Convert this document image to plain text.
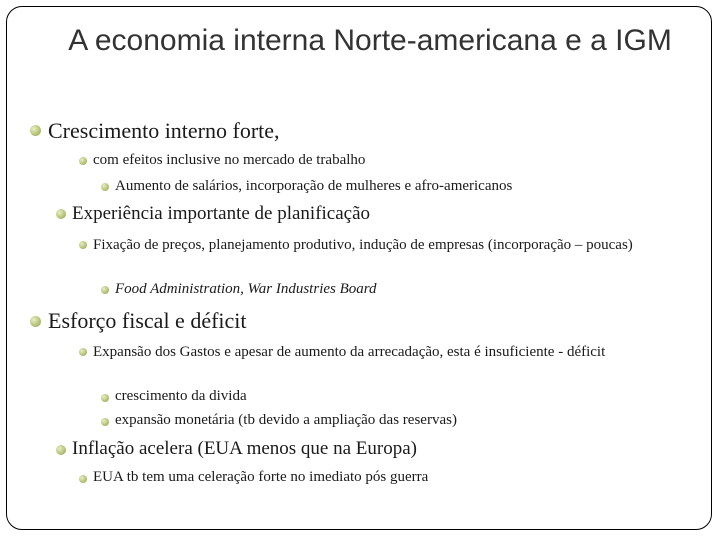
A economia interna Norte-americana e a IGM
Crescimento interno forte,
com efeitos inclusive no mercado de trabalho
Aumento de salários, incorporação de mulheres e afro-americanos
Experiência importante de planificação
Fixação de preços, planejamento produtivo, indução de empresas (incorporação – poucas)
Food Administration, War Industries Board
Esforço fiscal e déficit
Expansão dos Gastos e apesar de aumento da arrecadação, esta é insuficiente - déficit
crescimento da divida
expansão monetária (tb devido a ampliação das reservas)
Inflação acelera (EUA menos que na Europa)
EUA tb tem uma celeração forte no imediato pós guerra
